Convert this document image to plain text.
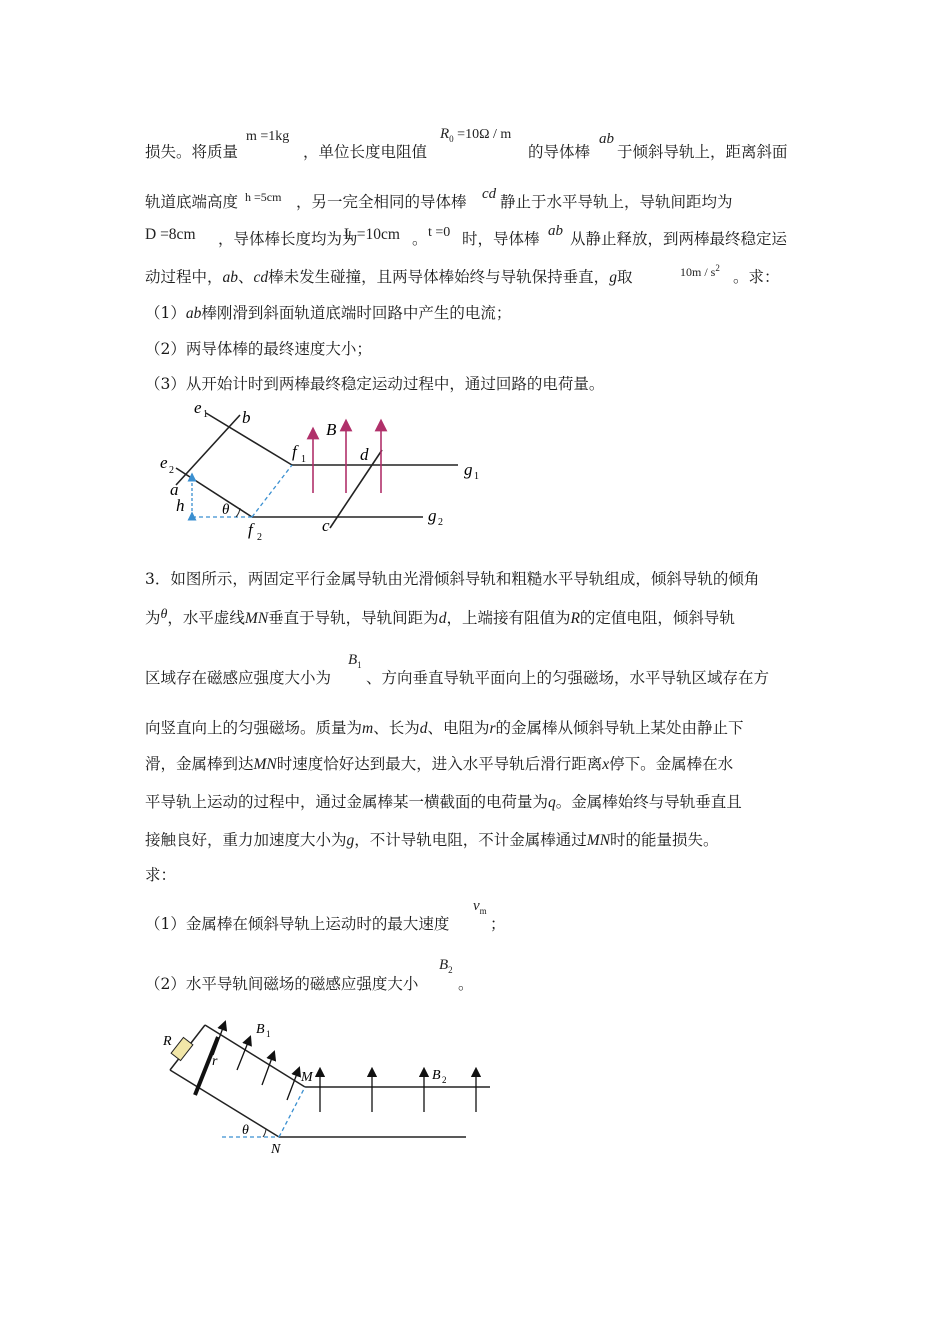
损失。将质量
m =1kg
，单位长度电阻值
$R_0 =10\Omega / m$
的导体棒
ab
于倾斜导轨上，距离斜面
轨道底端高度 h =5cm ，另一完全相同的导体棒 cd 静止于水平导轨上，导轨间距均为
D =8cm ，导体棒长度均为为
L =10cm 。 t =0 时，导体棒 ab 从静止释放，到两棒最终稳定运
动过程中，ab、cd棒未发生碰撞，且两导体棒始终与导轨保持垂直，g取	$10m / s^2$ 。求：
（1）ab棒刚滑到斜面轨道底端时回路中产生的电流；
（2）两导体棒的最终速度大小；
（3）从开始计时到两棒最终稳定运动过程中，通过回路的电荷量。
e 1 b
e 2
a
h	θ
f 1
f 2
B
d
c
g 1
g 2
3．如图所示，两固定平行金属导轨由光滑倾斜导轨和粗糙水平导轨组成，倾斜导轨的倾角
为θ，水平虚线MN垂直于导轨，导轨间距为d，上端接有阻值为R的定值电阻，倾斜导轨
区域存在磁感应强度大小为
$B_1$
、方向垂直导轨平面向上的匀强磁场，水平导轨区域存在方
向竖直向上的匀强磁场。质量为m、长为d、电阻为r的金属棒从倾斜导轨上某处由静止下
滑，金属棒到达MN时速度恰好达到最大，进入水平导轨后滑行距离x停下。金属棒在水
平导轨上运动的过程中，通过金属棒某一横截面的电荷量为q。金属棒始终与导轨垂直且
接触良好，重力加速度大小为g，不计导轨电阻，不计金属棒通过MN时的能量损失。
求：
（1）金属棒在倾斜导轨上运动时的最大速度
$v_m$
；
（2）水平导轨间磁场的磁感应强度大小
$B_2$
。
R
r
B 1
M	B 2
θ
N
